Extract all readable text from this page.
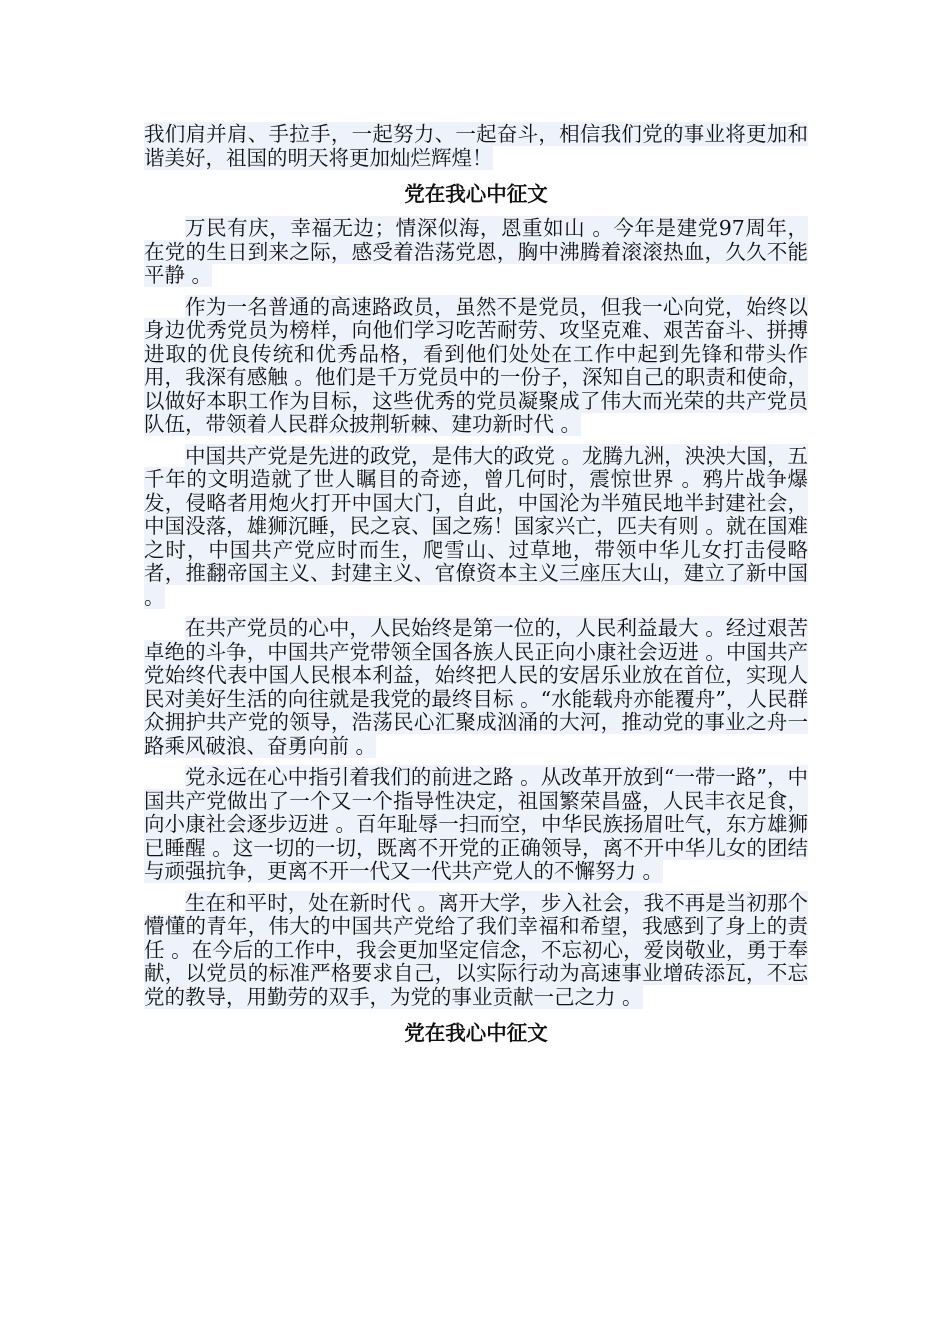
我们肩并肩、手拉手，一起努力、一起奋斗，相信我们党的事业将更加和谐美好，祖国的明天将更加灿烂辉煌！

党在我心中征文

万民有庆，幸福无边；情深似海，恩重如山 。今年是建党97周年，在党的生日到来之际，感受着浩荡党恩，胸中沸腾着滚滚热血，久久不能平静 。

作为一名普通的高速路政员，虽然不是党员，但我一心向党，始终以身边优秀党员为榜样，向他们学习吃苦耐劳、攻坚克难、艰苦奋斗、拼搏进取的优良传统和优秀品格，看到他们处处在工作中起到先锋和带头作用，我深有感触 。他们是千万党员中的一份子，深知自己的职责和使命，以做好本职工作为目标，这些优秀的党员凝聚成了伟大而光荣的共产党员队伍，带领着人民群众披荆斩棘、建功新时代 。

中国共产党是先进的政党，是伟大的政党 。龙腾九洲，泱泱大国，五千年的文明造就了世人瞩目的奇迹，曾几何时，震惊世界 。鸦片战争爆发，侵略者用炮火打开中国大门，自此，中国沦为半殖民地半封建社会，中国没落，雄狮沉睡，民之哀、国之殇！国家兴亡，匹夫有则 。就在国难之时，中国共产党应时而生，爬雪山、过草地，带领中华儿女打击侵略者，推翻帝国主义、封建主义、官僚资本主义三座压大山，建立了新中国 。

在共产党员的心中，人民始终是第一位的，人民利益最大 。经过艰苦卓绝的斗争，中国共产党带领全国各族人民正向小康社会迈进 。中国共产党始终代表中国人民根本利益，始终把人民的安居乐业放在首位，实现人民对美好生活的向往就是我党的最终目标 。“水能载舟亦能覆舟”，人民群众拥护共产党的领导，浩荡民心汇聚成汹涌的大河，推动党的事业之舟一路乘风破浪、奋勇向前 。

党永远在心中指引着我们的前进之路 。从改革开放到“一带一路”，中国共产党做出了一个又一个指导性决定，祖国繁荣昌盛，人民丰衣足食，向小康社会逐步迈进 。百年耻辱一扫而空，中华民族扬眉吐气，东方雄狮已睡醒 。这一切的一切，既离不开党的正确领导，离不开中华儿女的团结与顽强抗争，更离不开一代又一代共产党人的不懈努力 。

生在和平时，处在新时代 。离开大学，步入社会，我不再是当初那个懵懂的青年，伟大的中国共产党给了我们幸福和希望，我感到了身上的责任 。在今后的工作中，我会更加坚定信念，不忘初心，爱岗敬业，勇于奉献，以党员的标准严格要求自己，以实际行动为高速事业增砖添瓦，不忘党的教导，用勤劳的双手，为党的事业贡献一己之力 。

党在我心中征文
